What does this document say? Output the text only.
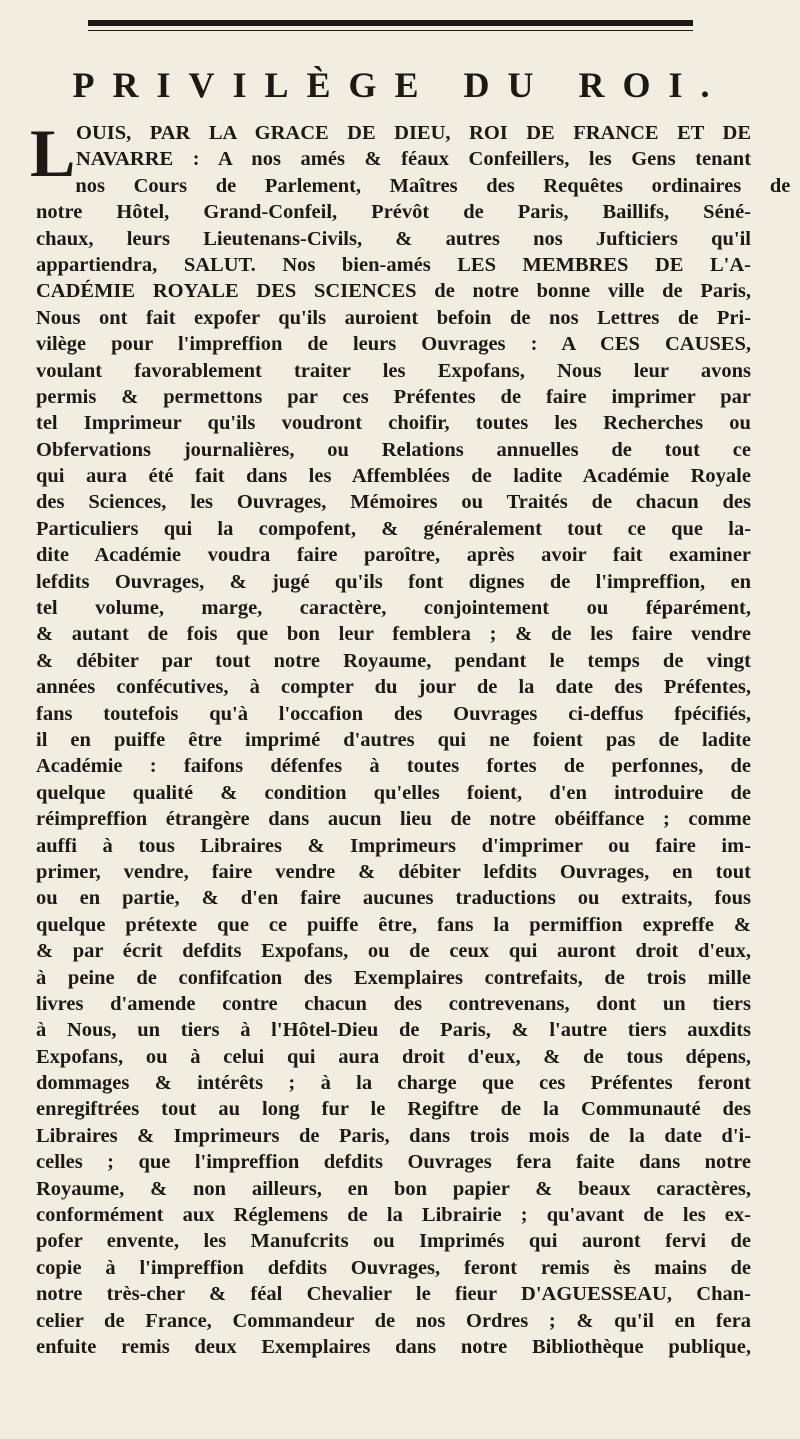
PRIVILÈGE DU ROI.
L OUIS, PAR LA GRACE DE DIEU, ROI DE FRANCE ET DE
NAVARRE : A nos amés & féaux Confeillers, les Gens tenant
nos Cours de Parlement, Maîtres des Requêtes ordinaires de
notre Hôtel, Grand-Confeil, Prévôt de Paris, Baillifs, Séné-
chaux, leurs Lieutenans-Civils, & autres nos Jufticiers qu'il
appartiendra, SALUT. Nos bien-amés LES MEMBRES DE L'A-
CADÉMIE ROYALE DES SCIENCES de notre bonne ville de Paris,
Nous ont fait expofer qu'ils auroient befoin de nos Lettres de Pri-
vilège pour l'impreffion de leurs Ouvrages : A CES CAUSES,
voulant favorablement traiter les Expofans, Nous leur avons
permis & permettons par ces Préfentes de faire imprimer par
tel Imprimeur qu'ils voudront choifir, toutes les Recherches ou
Obfervations journalières, ou Relations annuelles de tout ce
qui aura été fait dans les Affemblées de ladite Académie Royale
des Sciences, les Ouvrages, Mémoires ou Traités de chacun des
Particuliers qui la compofent, & généralement tout ce que la-
dite Académie voudra faire paroître, après avoir fait examiner
lefdits Ouvrages, & jugé qu'ils font dignes de l'impreffion, en
tel volume, marge, caractère, conjointement ou féparément,
& autant de fois que bon leur femblera ; & de les faire vendre
& débiter par tout notre Royaume, pendant le temps de vingt
années confécutives, à compter du jour de la date des Préfentes,
fans toutefois qu'à l'occafion des Ouvrages ci-deffus fpécifiés,
il en puiffe être imprimé d'autres qui ne foient pas de ladite
Académie : faifons défenfes à toutes fortes de perfonnes, de
quelque qualité & condition qu'elles foient, d'en introduire de
réimpreffion étrangère dans aucun lieu de notre obéiffance ; comme
auffi à tous Libraires & Imprimeurs d'imprimer ou faire im-
primer, vendre, faire vendre & débiter lefdits Ouvrages, en tout
ou en partie, & d'en faire aucunes traductions ou extraits, fous
quelque prétexte que ce puiffe être, fans la permiffion expreffe &
& par écrit defdits Expofans, ou de ceux qui auront droit d'eux,
à peine de confifcation des Exemplaires contrefaits, de trois mille
livres d'amende contre chacun des contrevenans, dont un tiers
à Nous, un tiers à l'Hôtel-Dieu de Paris, & l'autre tiers auxdits
Expofans, ou à celui qui aura droit d'eux, & de tous dépens,
dommages & intérêts ; à la charge que ces Préfentes feront
enregiftrées tout au long fur le Regiftre de la Communauté des
Libraires & Imprimeurs de Paris, dans trois mois de la date d'i-
celles ; que l'impreffion defdits Ouvrages fera faite dans notre
Royaume, & non ailleurs, en bon papier & beaux caractères,
conformément aux Réglemens de la Librairie ; qu'avant de les ex-
pofer envente, les Manufcrits ou Imprimés qui auront fervi de
copie à l'impreffion defdits Ouvrages, feront remis ès mains de
notre très-cher & féal Chevalier le fieur D'AGUESSEAU, Chan-
celier de France, Commandeur de nos Ordres ; & qu'il en fera
enfuite remis deux Exemplaires dans notre Bibliothèque publique,
